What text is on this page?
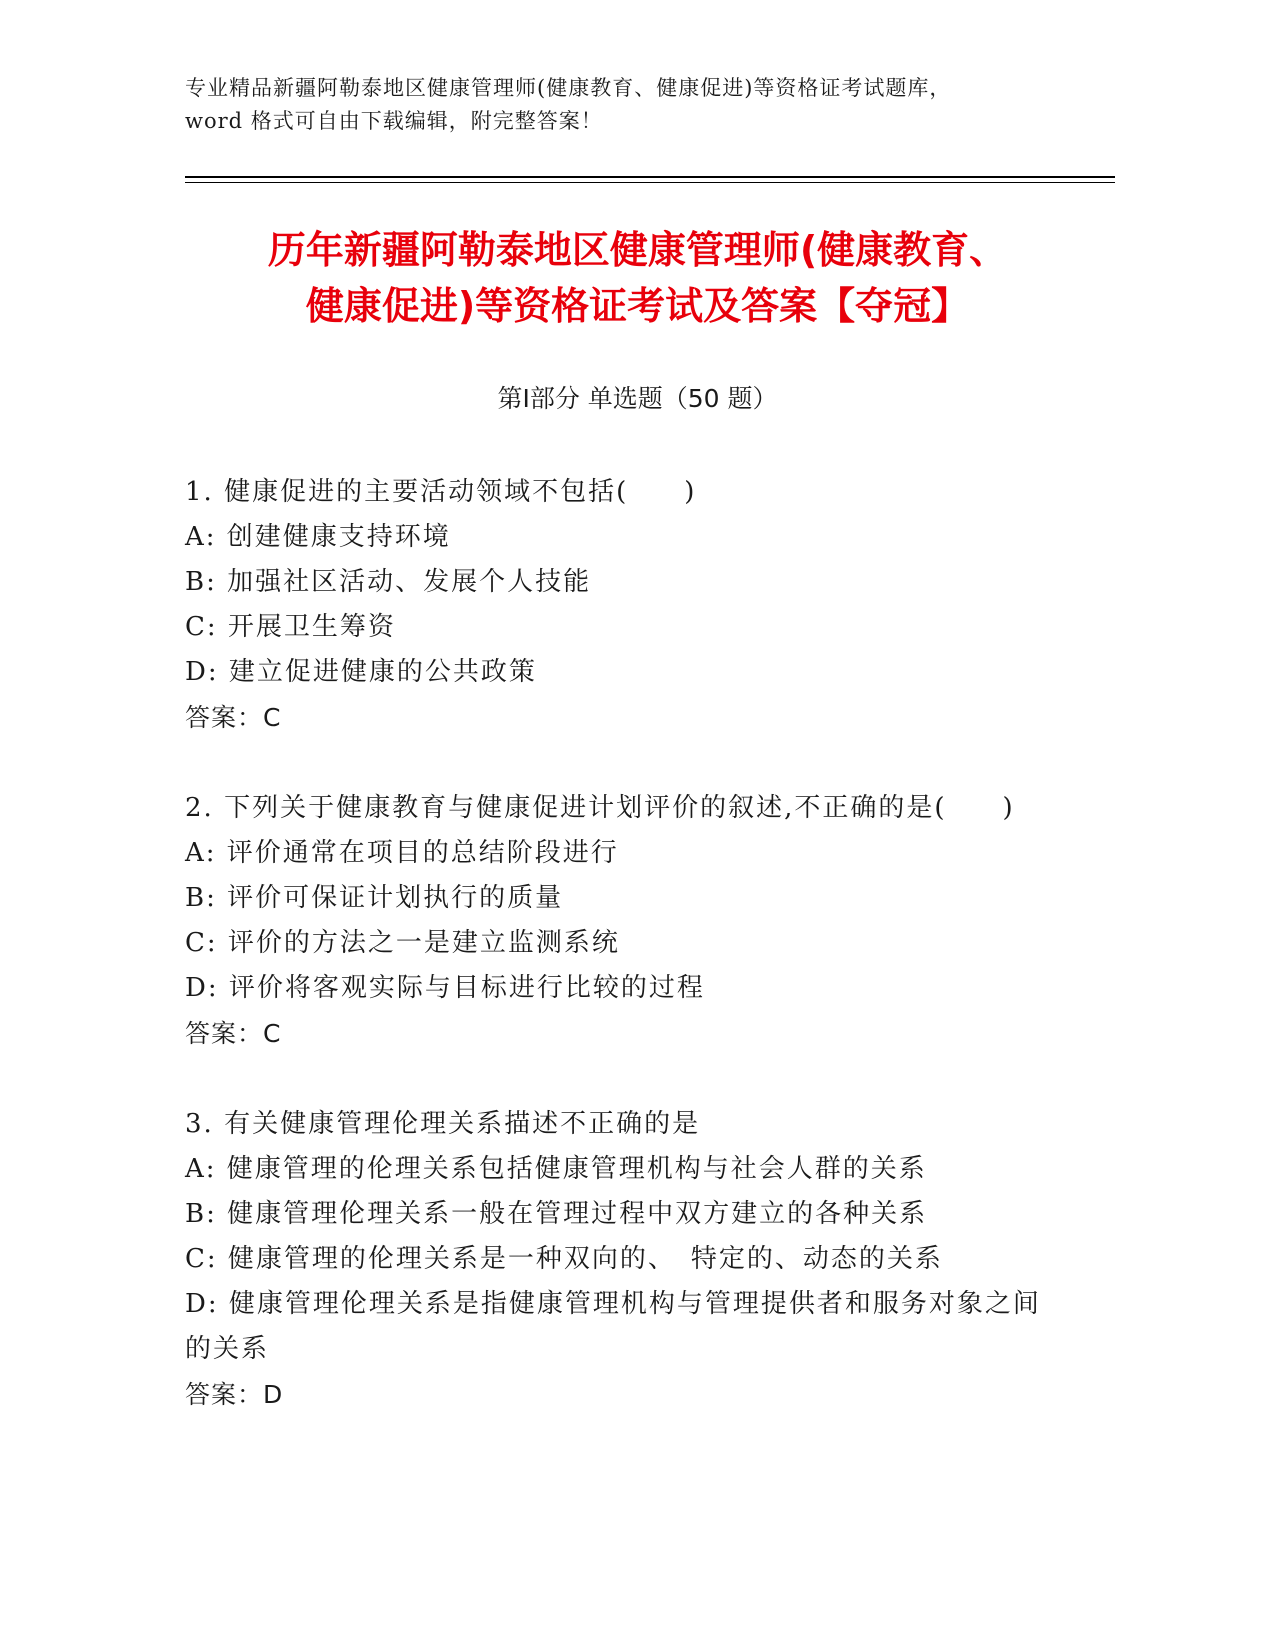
专业精品新疆阿勒泰地区健康管理师(健康教育、健康促进)等资格证考试题库，
word 格式可自由下载编辑，附完整答案！
历年新疆阿勒泰地区健康管理师(健康教育、
健康促进)等资格证考试及答案【夺冠】
第Ⅰ部分 单选题（50 题）
1. 健康促进的主要活动领域不包括(　　)
A: 创建健康支持环境
B: 加强社区活动、发展个人技能
C: 开展卫生筹资
D: 建立促进健康的公共政策
答案：C
2. 下列关于健康教育与健康促进计划评价的叙述,不正确的是(　　)
A: 评价通常在项目的总结阶段进行
B: 评价可保证计划执行的质量
C: 评价的方法之一是建立监测系统
D: 评价将客观实际与目标进行比较的过程
答案：C
3. 有关健康管理伦理关系描述不正确的是
A: 健康管理的伦理关系包括健康管理机构与社会人群的关系
B: 健康管理伦理关系一般在管理过程中双方建立的各种关系
C: 健康管理的伦理关系是一种双向的、　特定的、动态的关系
D: 健康管理伦理关系是指健康管理机构与管理提供者和服务对象之间的关系
答案：D
